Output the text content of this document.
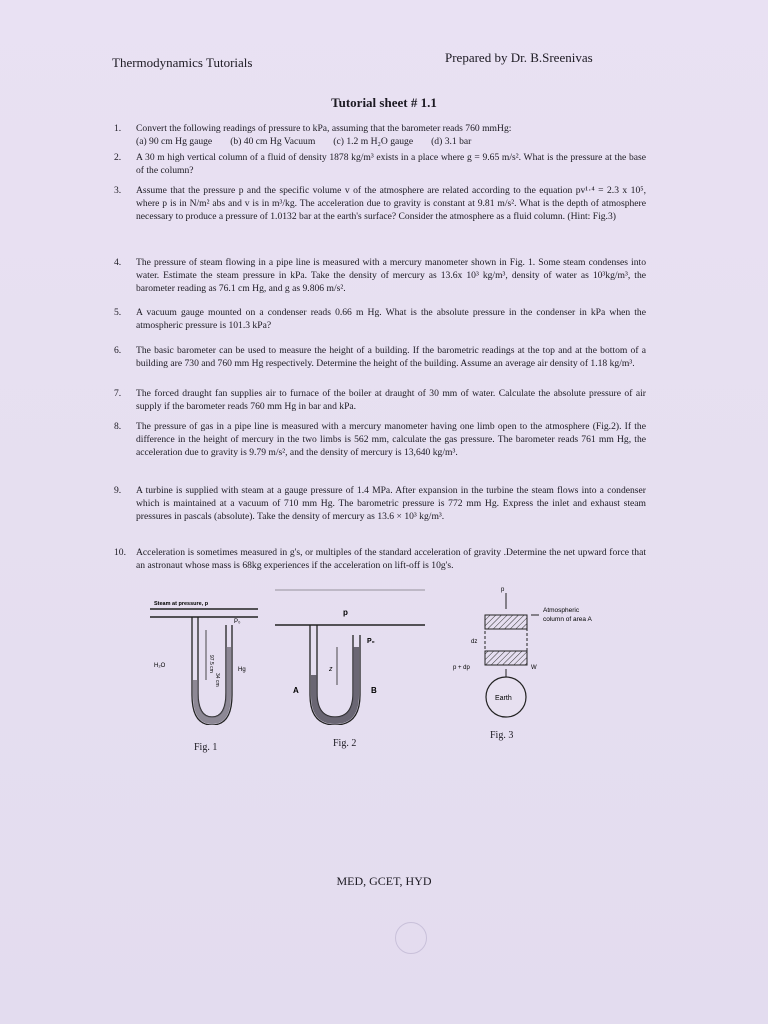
Thermodynamics Tutorials	Prepared by Dr. B.Sreenivas
Tutorial sheet # 1.1
1.	Convert the following readings of pressure to kPa, assuming that the barometer reads 760 mmHg:
(a) 90 cm Hg gauge (b) 40 cm Hg Vacuum (c) 1.2 m H₂O gauge (d) 3.1 bar
2.	A 30 m high vertical column of a fluid of density 1878 kg/m³ exists in a place where g = 9.65 m/s². What is the pressure at the base of the column?
3.	Assume that the pressure p and the specific volume v of the atmosphere are related according to the equation pv¹·⁴ = 2.3 x 10⁵, where p is in N/m² abs and v is in m³/kg. The acceleration due to gravity is constant at 9.81 m/s². What is the depth of atmosphere necessary to produce a pressure of 1.0132 bar at the earth's surface? Consider the atmosphere as a fluid column. (Hint: Fig.3)
4.	The pressure of steam flowing in a pipe line is measured with a mercury manometer shown in Fig. 1. Some steam condenses into water. Estimate the steam pressure in kPa. Take the density of mercury as 13.6x 10³ kg/m³, density of water as 10³kg/m³, the barometer reading as 76.1 cm Hg, and g as 9.806 m/s².
5.	A vacuum gauge mounted on a condenser reads 0.66 m Hg. What is the absolute pressure in the condenser in kPa when the atmospheric pressure is 101.3 kPa?
6.	The basic barometer can be used to measure the height of a building. If the barometric readings at the top and at the bottom of a building are 730 and 760 mm Hg respectively. Determine the height of the building. Assume an average air density of 1.18 kg/m³.
7.	The forced draught fan supplies air to furnace of the boiler at draught of 30 mm of water. Calculate the absolute pressure of air supply if the barometer reads 760 mm Hg in bar and kPa.
8.	The pressure of gas in a pipe line is measured with a mercury manometer having one limb open to the atmosphere (Fig.2). If the difference in the height of mercury in the two limbs is 562 mm, calculate the gas pressure. The barometer reads 761 mm Hg, the acceleration due to gravity is 9.79 m/s², and the density of mercury is 13,640 kg/m³.
9.	A turbine is supplied with steam at a gauge pressure of 1.4 MPa. After expansion in the turbine the steam flows into a condenser which is maintained at a vacuum of 710 mm Hg. The barometric pressure is 772 mm Hg. Express the inlet and exhaust steam pressures in pascals (absolute). Take the density of mercury as 13.6 × 10³ kg/m³.
10.	Acceleration is sometimes measured in g's, or multiples of the standard acceleration of gravity .Determine the net upward force that an astronaut whose mass is 68kg experiences if the acceleration on lift-off is 10g's.
Steam at pressure, p
P₀
H₂O
Hg
97.5 cm
34 cm
Fig. 1
p
P₀
z
A	B
Fig. 2
p
dz
p + dp	W
Earth
Atmospheric
column of area A
Fig. 3
MED, GCET, HYD
